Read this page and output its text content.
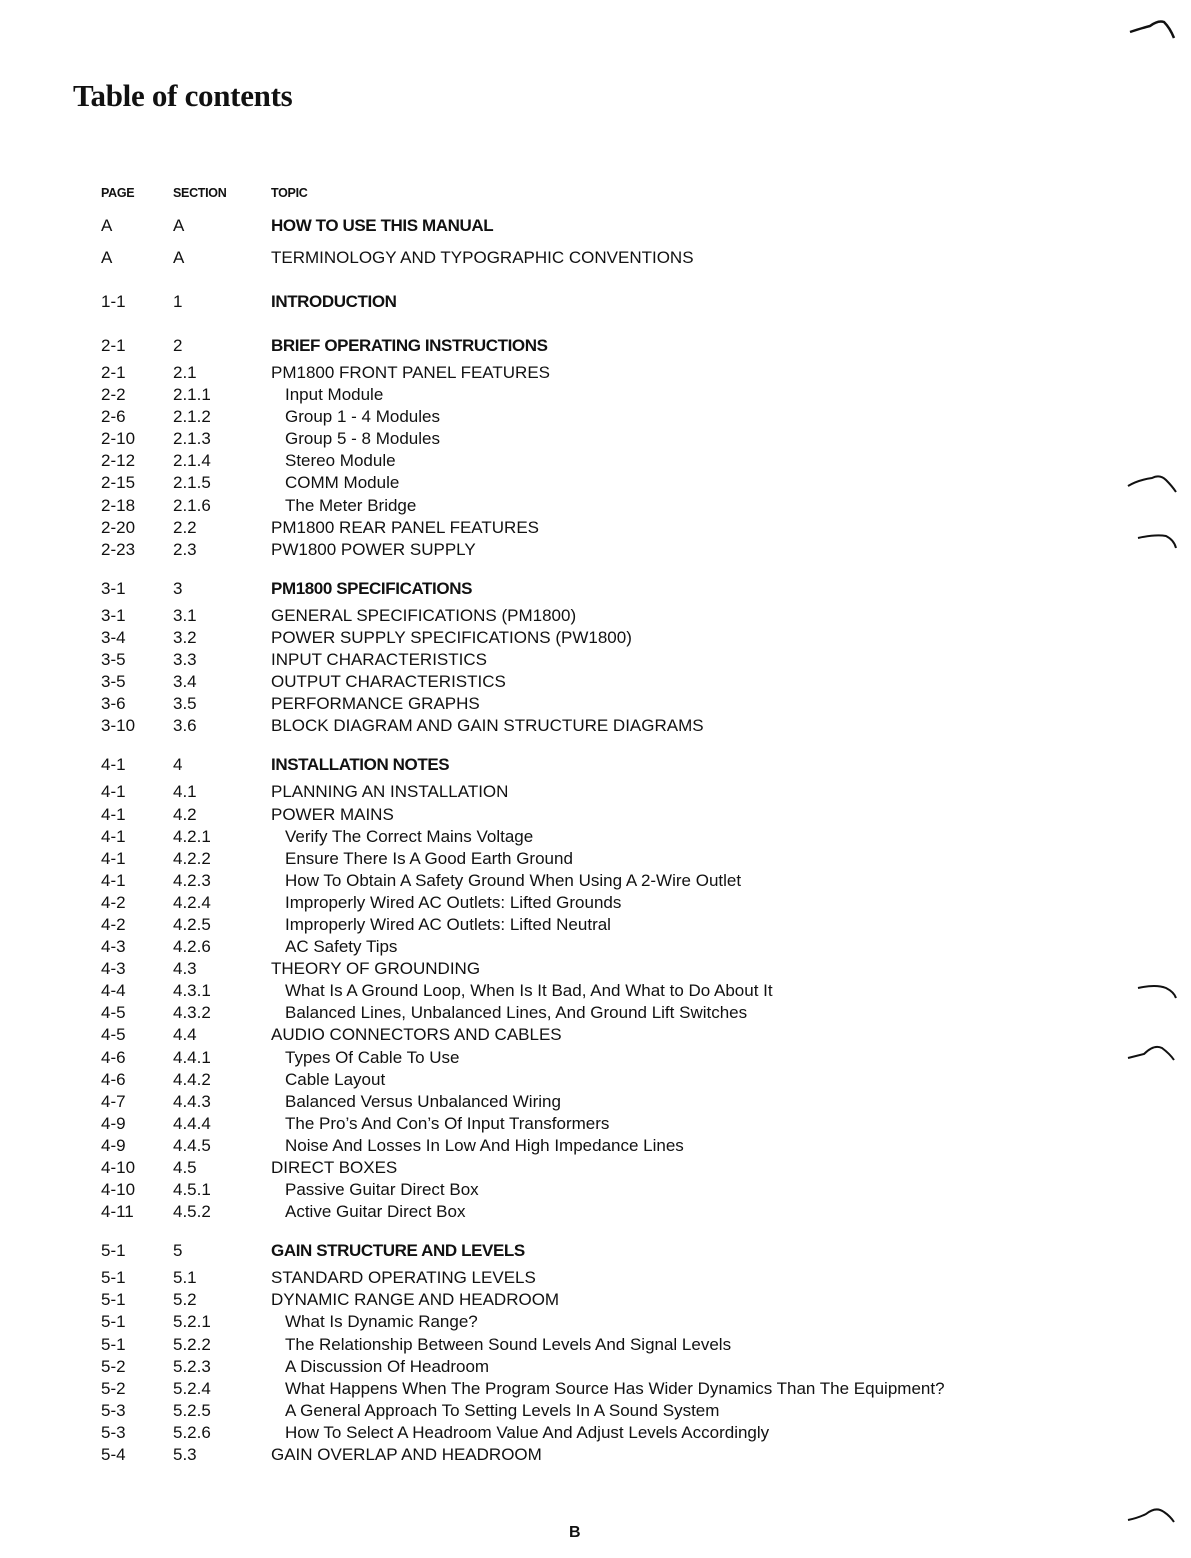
Table of contents
PAGE	SECTION	TOPIC
A	A	HOW TO USE THIS MANUAL
A	A	TERMINOLOGY AND TYPOGRAPHIC CONVENTIONS
1-1	1	INTRODUCTION
2-1	2	BRIEF OPERATING INSTRUCTIONS
2-1	2.1	PM1800 FRONT PANEL FEATURES
2-2	2.1.1	Input Module
2-6	2.1.2	Group 1 - 4 Modules
2-10	2.1.3	Group 5 - 8 Modules
2-12	2.1.4	Stereo Module
2-15	2.1.5	COMM Module
2-18	2.1.6	The Meter Bridge
2-20	2.2	PM1800 REAR PANEL FEATURES
2-23	2.3	PW1800 POWER SUPPLY
3-1	3	PM1800 SPECIFICATIONS
3-1	3.1	GENERAL SPECIFICATIONS (PM1800)
3-4	3.2	POWER SUPPLY SPECIFICATIONS (PW1800)
3-5	3.3	INPUT CHARACTERISTICS
3-5	3.4	OUTPUT CHARACTERISTICS
3-6	3.5	PERFORMANCE GRAPHS
3-10	3.6	BLOCK DIAGRAM AND GAIN STRUCTURE DIAGRAMS
4-1	4	INSTALLATION NOTES
4-1	4.1	PLANNING AN INSTALLATION
4-1	4.2	POWER MAINS
4-1	4.2.1	Verify The Correct Mains Voltage
4-1	4.2.2	Ensure There Is A Good Earth Ground
4-1	4.2.3	How To Obtain A Safety Ground When Using A 2-Wire Outlet
4-2	4.2.4	Improperly Wired AC Outlets: Lifted Grounds
4-2	4.2.5	Improperly Wired AC Outlets: Lifted Neutral
4-3	4.2.6	AC Safety Tips
4-3	4.3	THEORY OF GROUNDING
4-4	4.3.1	What Is A Ground Loop, When Is It Bad, And What to Do About It
4-5	4.3.2	Balanced Lines, Unbalanced Lines, And Ground Lift Switches
4-5	4.4	AUDIO CONNECTORS AND CABLES
4-6	4.4.1	Types Of Cable To Use
4-6	4.4.2	Cable Layout
4-7	4.4.3	Balanced Versus Unbalanced Wiring
4-9	4.4.4	The Pro’s And Con’s Of Input Transformers
4-9	4.4.5	Noise And Losses In Low And High Impedance Lines
4-10	4.5	DIRECT BOXES
4-10	4.5.1	Passive Guitar Direct Box
4-11	4.5.2	Active Guitar Direct Box
5-1	5	GAIN STRUCTURE AND LEVELS
5-1	5.1	STANDARD OPERATING LEVELS
5-1	5.2	DYNAMIC RANGE AND HEADROOM
5-1	5.2.1	What Is Dynamic Range?
5-1	5.2.2	The Relationship Between Sound Levels And Signal Levels
5-2	5.2.3	A Discussion Of Headroom
5-2	5.2.4	What Happens When The Program Source Has Wider Dynamics Than The Equipment?
5-3	5.2.5	A General Approach To Setting Levels In A Sound System
5-3	5.2.6	How To Select A Headroom Value And Adjust Levels Accordingly
5-4	5.3	GAIN OVERLAP AND HEADROOM
B
